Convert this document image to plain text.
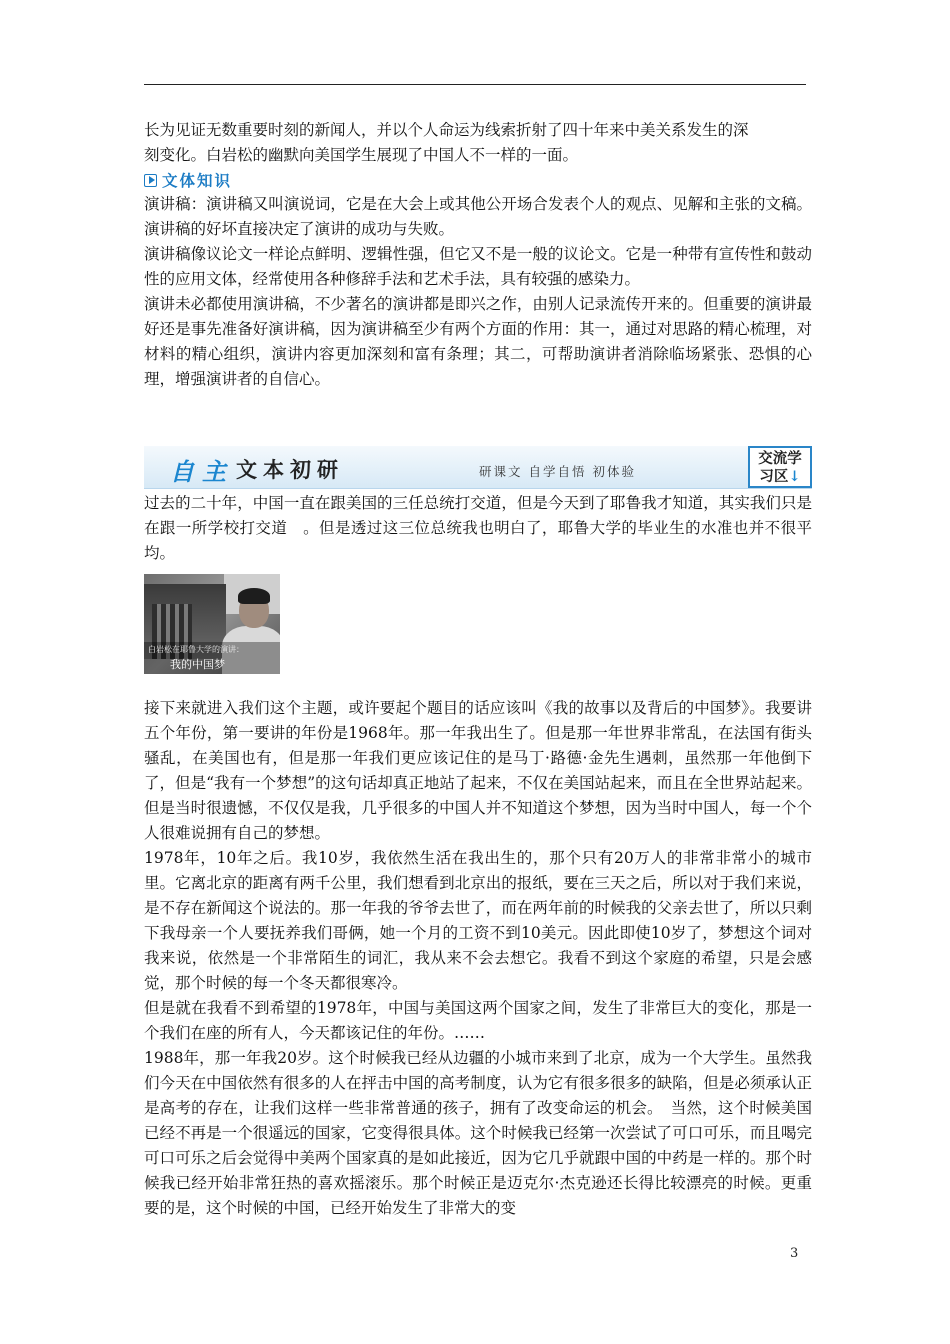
长为见证无数重要时刻的新闻人，并以个人命运为线索折射了四十年来中美关系发生的深

刻变化。白岩松的幽默向美国学生展现了中国人不一样的一面。

文体知识

演讲稿：演讲稿又叫演说词，它是在大会上或其他公开场合发表个人的观点、见解和主张的文稿。演讲稿的好坏直接决定了演讲的成功与失败。

演讲稿像议论文一样论点鲜明、逻辑性强，但它又不是一般的议论文。它是一种带有宣传性和鼓动性的应用文体，经常使用各种修辞手法和艺术手法，具有较强的感染力。

演讲未必都使用演讲稿，不少著名的演讲都是即兴之作，由别人记录流传开来的。但重要的演讲最好还是事先准备好演讲稿，因为演讲稿至少有两个方面的作用：其一，通过对思路的精心梳理，对材料的精心组织，演讲内容更加深刻和富有条理；其二，可帮助演讲者消除临场紧张、恐惧的心理，增强演讲者的自信心。

自 主 文本初研	研课文 自学自悟 初体验
交流学
习区↓

过去的二十年，中国一直在跟美国的三任总统打交道，但是今天到了耶鲁我才知道，其实我们只是在跟一所学校打交道　。但是透过这三位总统我也明白了，耶鲁大学的毕业生的水准也并不很平均。

白岩松在耶鲁大学的演讲：
我的中国梦

接下来就进入我们这个主题，或许要起个题目的话应该叫《我的故事以及背后的中国梦》。我要讲五个年份，第一要讲的年份是1968年。那一年我出生了。但是那一年世界非常乱，在法国有街头骚乱，在美国也有，但是那一年我们更应该记住的是马丁·路德·金先生遇刺，虽然那一年他倒下了，但是“我有一个梦想”的这句话却真正地站了起来，不仅在美国站起来，而且在全世界站起来。但是当时很遗憾，不仅仅是我，几乎很多的中国人并不知道这个梦想，因为当时中国人，每一个个人很难说拥有自己的梦想。

1978年，10年之后。我10岁，我依然生活在我出生的，那个只有20万人的非常非常小的城市里。它离北京的距离有两千公里，我们想看到北京出的报纸，要在三天之后，所以对于我们来说，是不存在新闻这个说法的。那一年我的爷爷去世了，而在两年前的时候我的父亲去世了，所以只剩下我母亲一个人要抚养我们哥俩，她一个月的工资不到10美元。因此即使10岁了，梦想这个词对我来说，依然是一个非常陌生的词汇，我从来不会去想它。我看不到这个家庭的希望，只是会感觉，那个时候的每一个冬天都很寒冷。

但是就在我看不到希望的1978年，中国与美国这两个国家之间，发生了非常巨大的变化，那是一个我们在座的所有人，今天都该记住的年份。……

1988年，那一年我20岁。这个时候我已经从边疆的小城市来到了北京，成为一个大学生。虽然我们今天在中国依然有很多的人在抨击中国的高考制度，认为它有很多很多的缺陷，但是必须承认正是高考的存在，让我们这样一些非常普通的孩子，拥有了改变命运的机会。　当然，这个时候美国已经不再是一个很遥远的国家，它变得很具体。这个时候我已经第一次尝试了可口可乐，而且喝完可口可乐之后会觉得中美两个国家真的是如此接近，因为它几乎就跟中国的中药是一样的。那个时候我已经开始非常狂热的喜欢摇滚乐。那个时候正是迈克尔·杰克逊还长得比较漂亮的时候。更重要的是，这个时候的中国，已经开始发生了非常大的变

3
